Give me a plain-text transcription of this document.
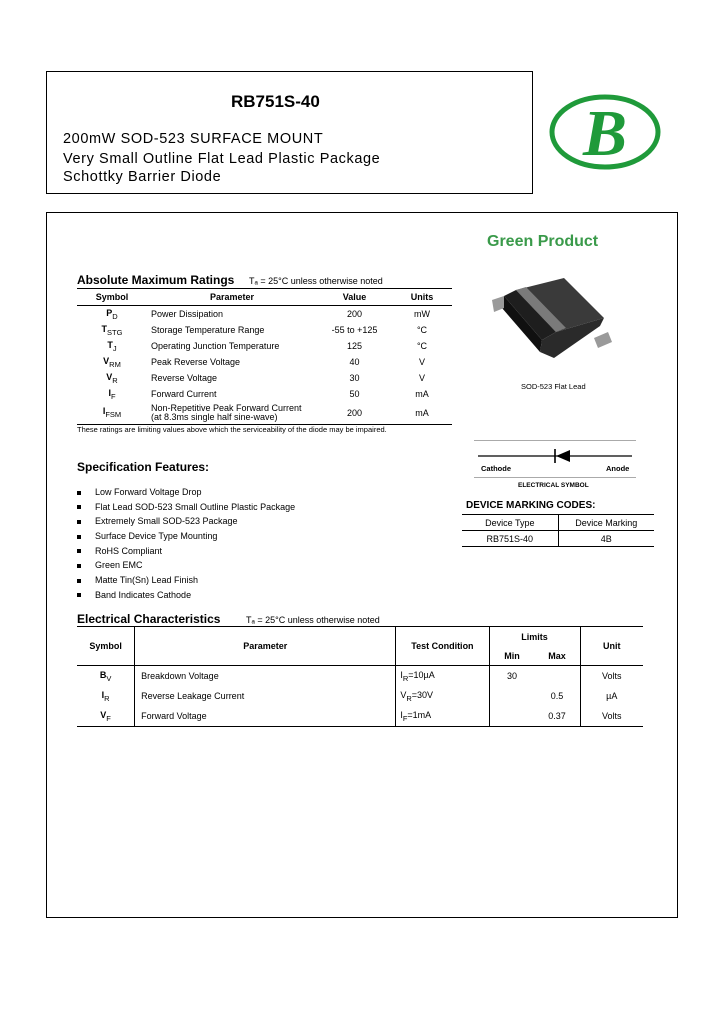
RB751S-40
200mW SOD-523 SURFACE MOUNT
Very Small Outline Flat Lead Plastic Package
Schottky Barrier Diode
B
Green Product
SOD-523 Flat Lead
Cathode	Anode
ELECTRICAL SYMBOL
Absolute Maximum Ratings Tₐ = 25°C unless otherwise noted
Symbol	Parameter	Value	Units
$P_D$	Power Dissipation	200	mW
$T_{STG}$	Storage Temperature Range	-55 to +125	°C
$T_J$	Operating Junction Temperature	125	°C
$V_{RM}$	Peak Reverse Voltage	40	V
$V_R$	Reverse Voltage	30	V
$I_F$	Forward Current	50	mA
$I_{FSM}$	Non-Repetitive Peak Forward Current
(at 8.3ms single half sine-wave)	200	mA
These ratings are limiting values above which the serviceability of the diode may be impaired.
DEVICE MARKING CODES:
Device Type	Device Marking
RB751S-40	4B
Specification Features:
Low Forward Voltage Drop
Flat Lead SOD-523 Small Outline Plastic Package
Extremely Small SOD-523 Package
Surface Device Type Mounting
RoHS Compliant
Green EMC
Matte Tin(Sn) Lead Finish
Band Indicates Cathode
Electrical Characteristics	Tₐ = 25°C unless otherwise noted
Symbol	Parameter	Test Condition	Limits		Unit
			Min	Max	
$B_V$	Breakdown Voltage	$I_R=10\mu A$	30		Volts
$I_R$	Reverse Leakage Current	$V_R=30V$		0.5	µA
$V_F$	Forward Voltage	$I_F=1mA$		0.37	Volts
